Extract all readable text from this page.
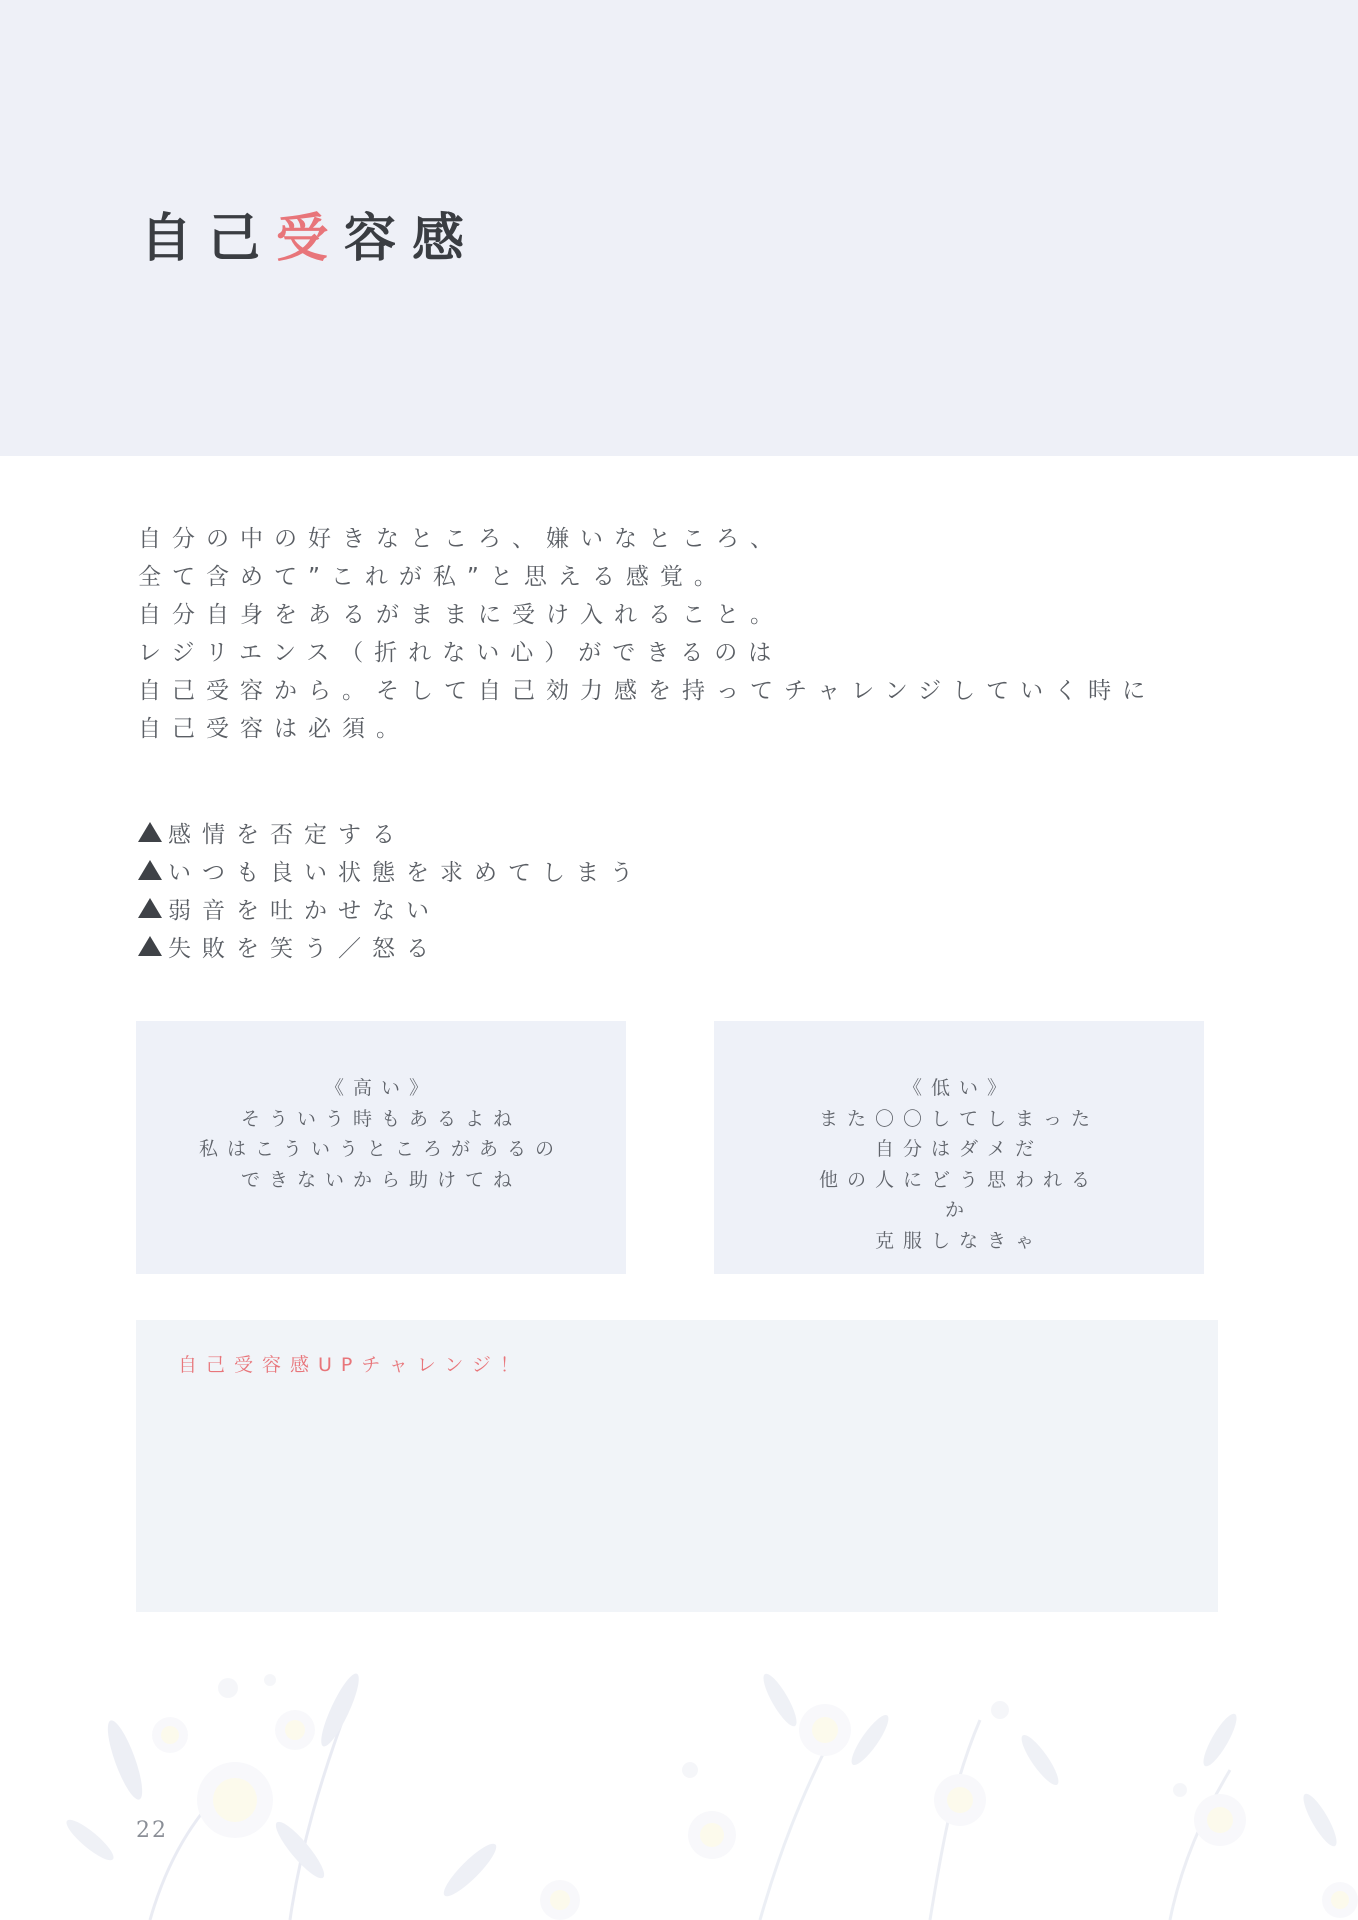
自己受容感
自分の中の好きなところ、嫌いなところ、
全て含めて”これが私”と思える感覚。
自分自身をあるがままに受け入れること。
レジリエンス（折れない心）ができるのは
自己受容から。そして自己効力感を持ってチャレンジしていく時に
自己受容は必須。
感情を否定する
いつも良い状態を求めてしまう
弱音を吐かせない
失敗を笑う／怒る
《高い》
そういう時もあるよね
私はこういうところがあるの
できないから助けてね
《低い》
また〇〇してしまった
自分はダメだ
他の人にどう思われる
か
克服しなきゃ
自己受容感UPチャレンジ！
22
